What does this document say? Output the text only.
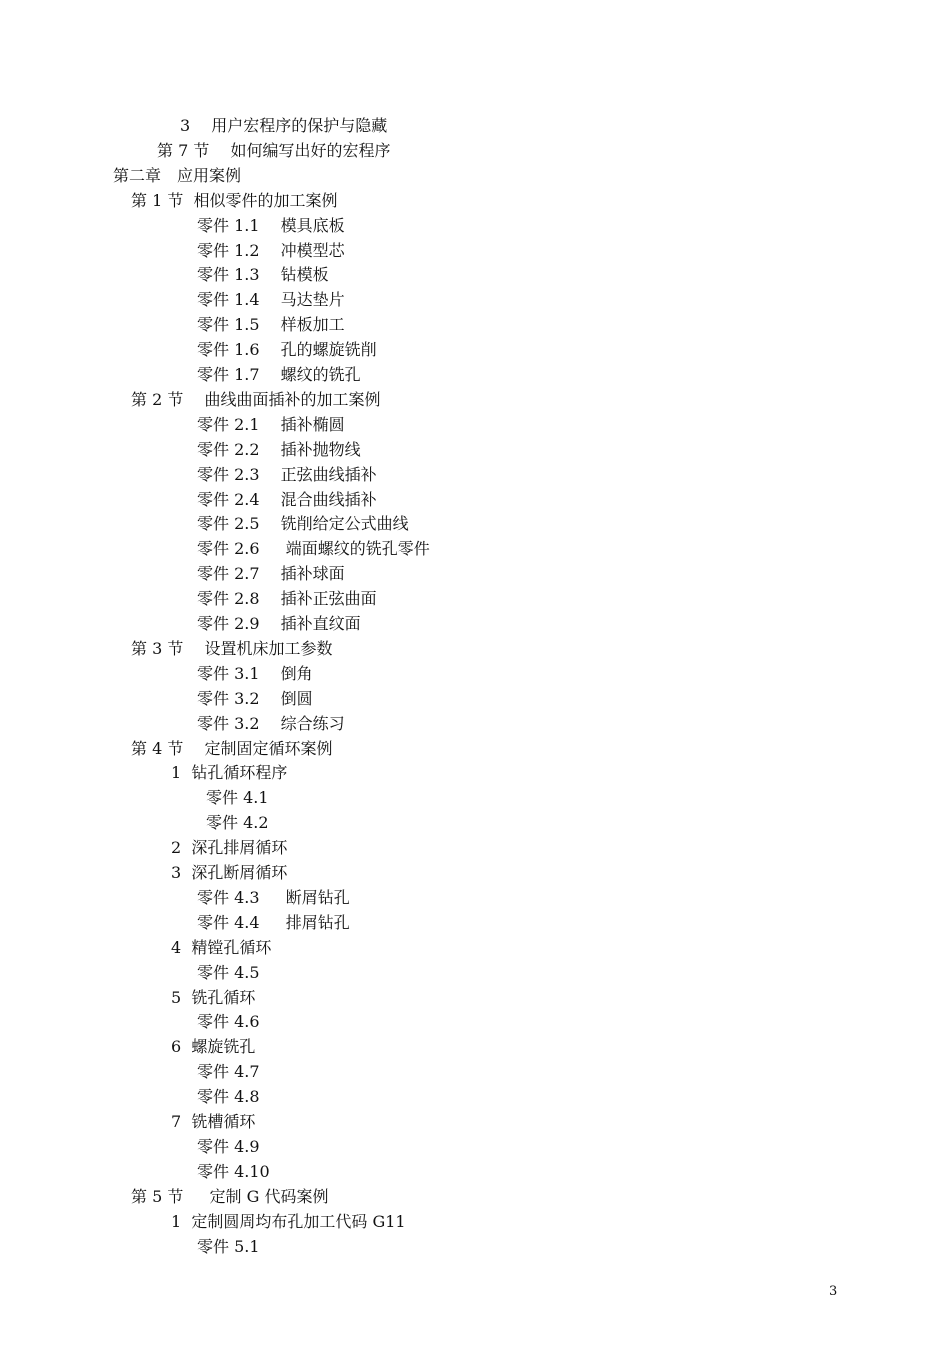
3　 用户宏程序的保护与隐藏
第 7 节 　如何编写出好的宏程序
第二章　应用案例
第 1 节  相似零件的加工案例
零件 1.1 　模具底板
零件 1.2 　冲模型芯
零件 1.3 　钻模板
零件 1.4 　马达垫片
零件 1.5 　样板加工
零件 1.6 　孔的螺旋铣削
零件 1.7 　螺纹的铣孔
第 2 节 　曲线曲面插补的加工案例
零件 2.1 　插补椭圆
零件 2.2 　插补抛物线
零件 2.3 　正弦曲线插补
零件 2.4 　混合曲线插补
零件 2.5 　铣削给定公式曲线
零件 2.6  　端面螺纹的铣孔零件
零件 2.7 　插补球面
零件 2.8 　插补正弦曲面
零件 2.9 　插补直纹面
第 3 节 　设置机床加工参数
零件 3.1 　倒角
零件 3.2 　倒圆
零件 3.2 　综合练习
第 4 节 　定制固定循环案例
1  钻孔循环程序
零件 4.1
零件 4.2
2  深孔排屑循环
3  深孔断屑循环
零件 4.3  　断屑钻孔
零件 4.4  　排屑钻孔
4  精镗孔循环
零件 4.5
5  铣孔循环
零件 4.6
6  螺旋铣孔
零件 4.7
零件 4.8
7  铣槽循环
零件 4.9
零件 4.10
第 5 节  　定制 G 代码案例
1  定制圆周均布孔加工代码 G11
零件 5.1
3
